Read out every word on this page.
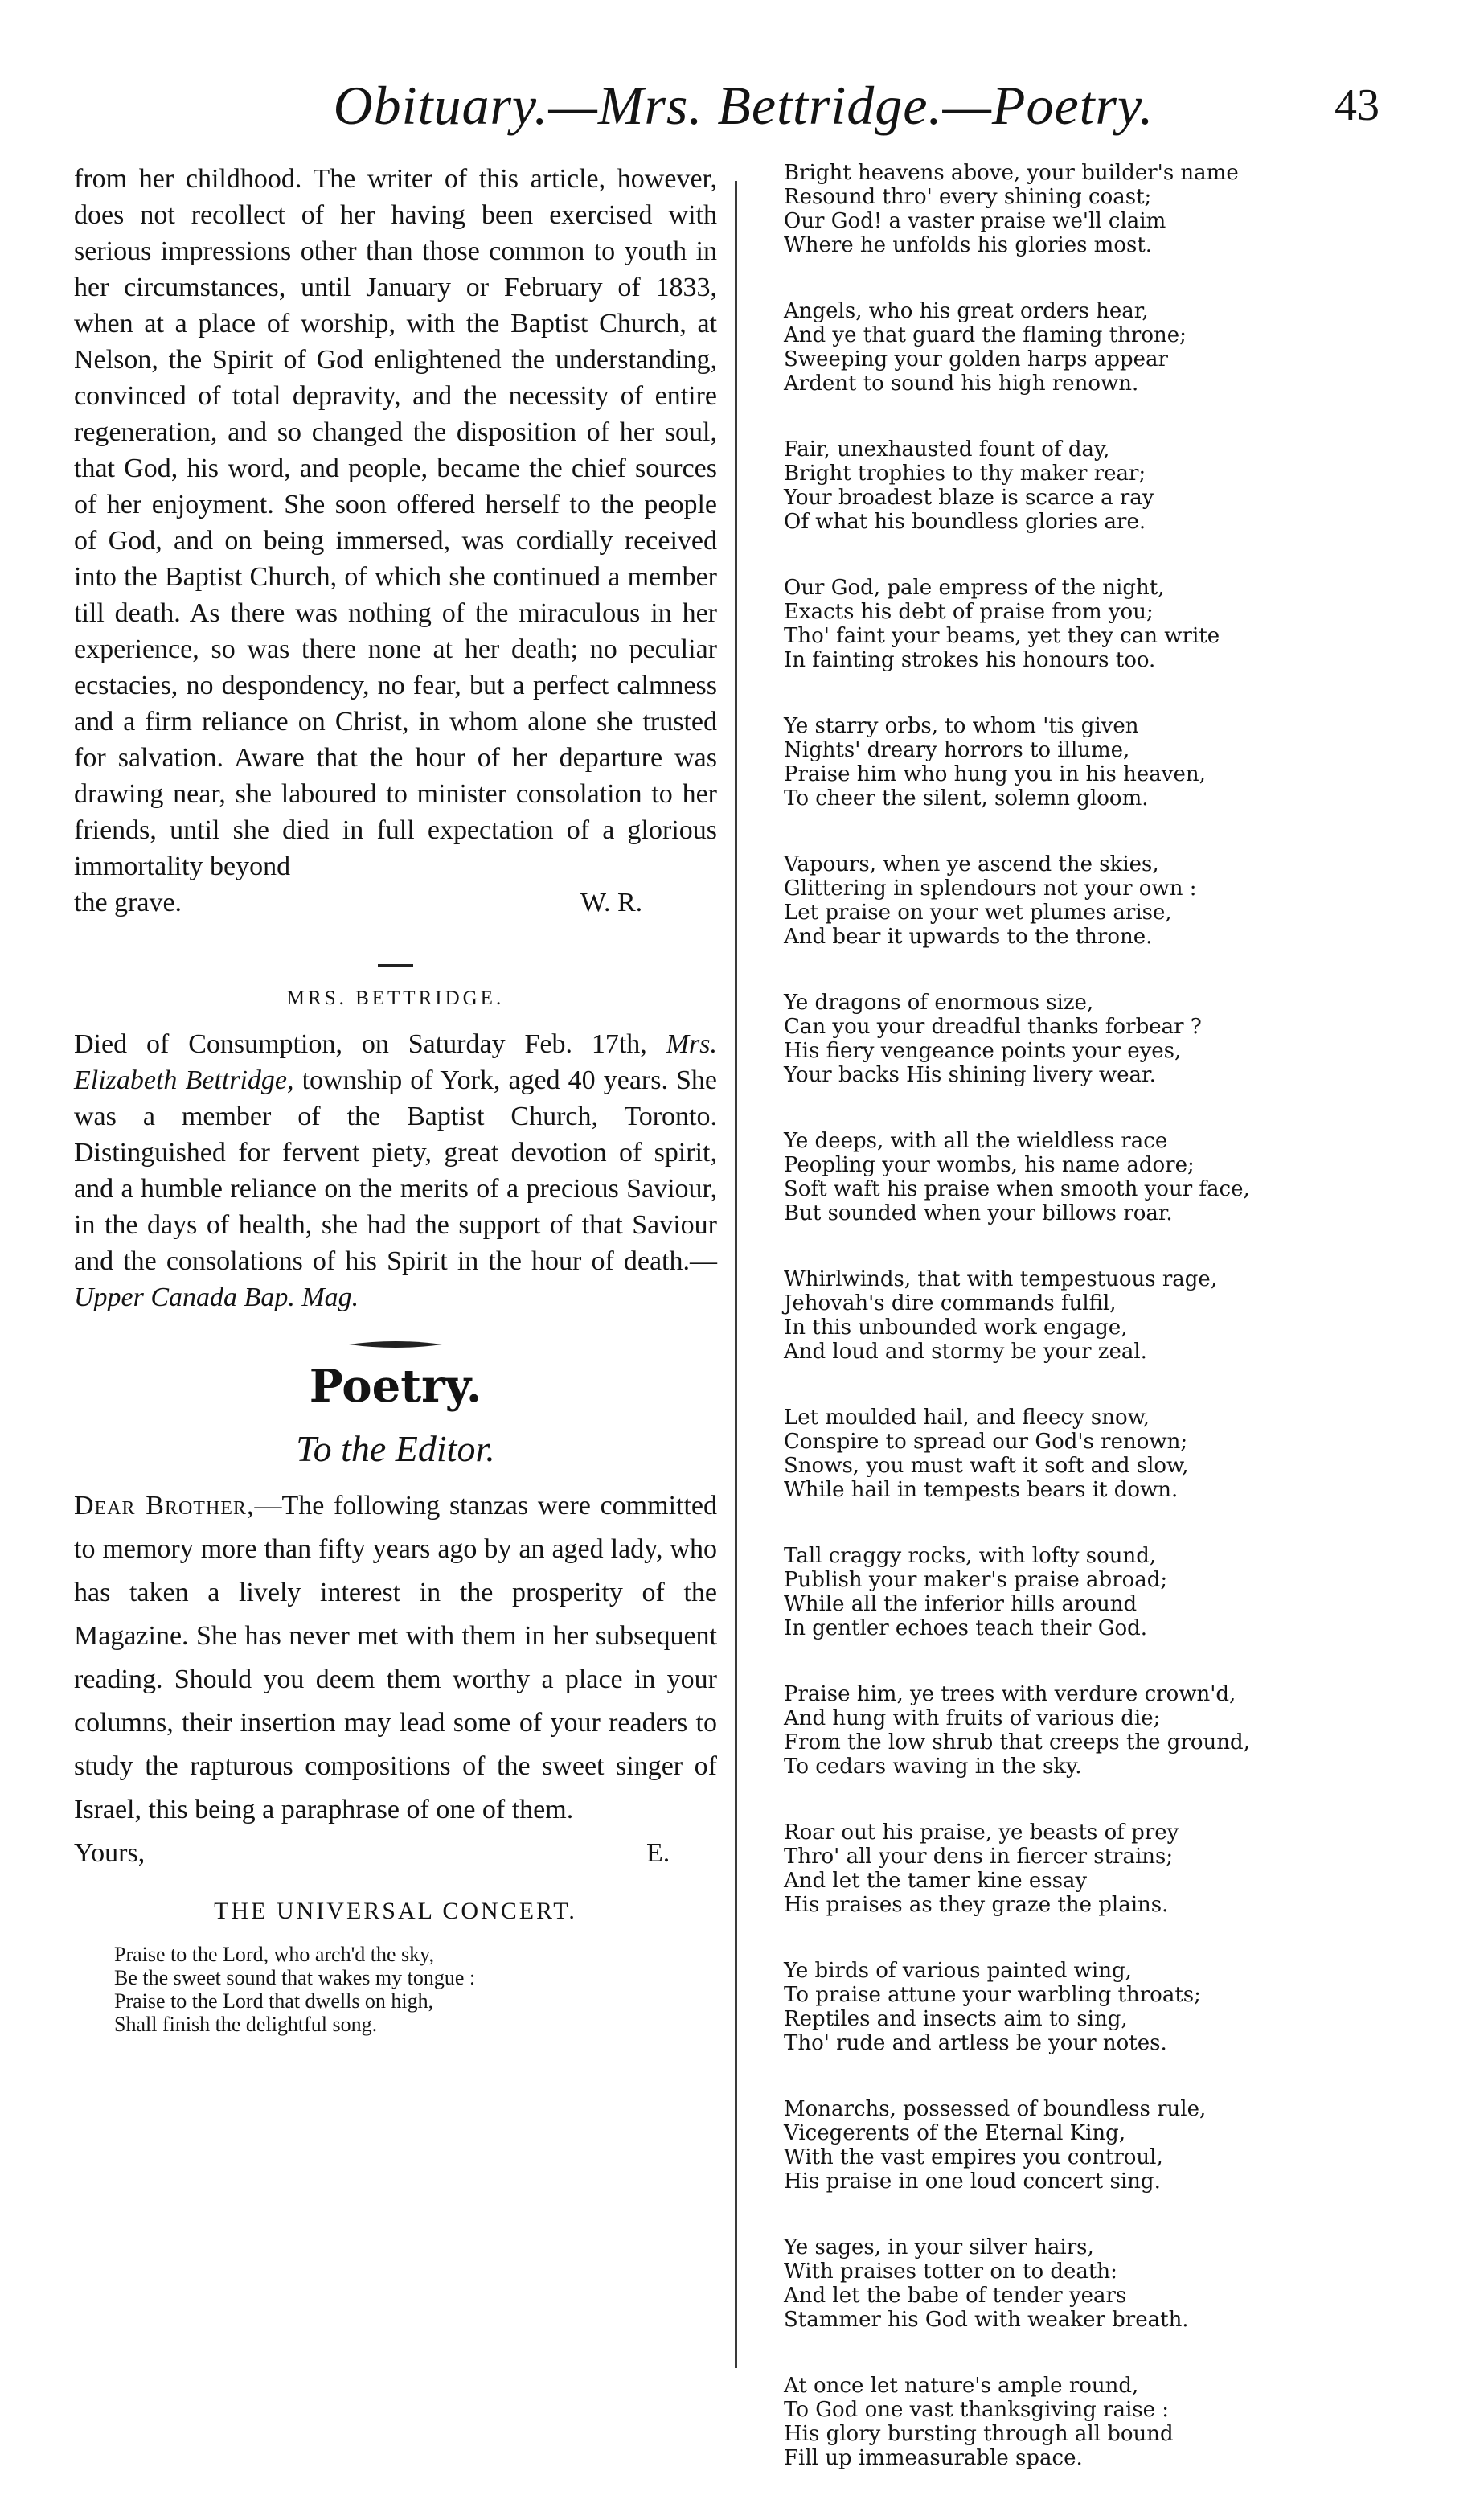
Obituary.—Mrs. Bettridge.—Poetry.	43

from her childhood. The writer of this article, however, does not recollect of her having been exercised with serious impressions other than those common to youth in her circumstances, until January or February of 1833, when at a place of worship, with the Baptist Church, at Nelson, the Spirit of God enlightened the understanding, convinced of total depravity, and the necessity of entire regeneration, and so changed the disposition of her soul, that God, his word, and people, became the chief sources of her enjoyment. She soon offered herself to the people of God, and on being immersed, was cordially received into the Baptist Church, of which she continued a member till death. As there was nothing of the miraculous in her experience, so was there none at her death; no peculiar ecstacies, no despondency, no fear, but a perfect calmness and a firm reliance on Christ, in whom alone she trusted for salvation. Aware that the hour of her departure was drawing near, she laboured to minister consolation to her friends, until she died in full expectation of a glorious immortality beyond

the grave.	W. R.
MRS. BETTRIDGE.

Died of Consumption, on Saturday Feb. 17th, Mrs. Elizabeth Bettridge, township of York, aged 40 years. She was a member of the Baptist Church, Toronto. Distinguished for fervent piety, great devotion of spirit, and a humble reliance on the merits of a precious Saviour, in the days of health, she had the support of that Saviour and the consolations of his Spirit in the hour of death.— Upper Canada Bap. Mag.

Poetry.
To the Editor.

Dear Brother,—The following stanzas were committed to memory more than fifty years ago by an aged lady, who has taken a lively interest in the prosperity of the Magazine. She has never met with them in her subsequent reading. Should you deem them worthy a place in your columns, their insertion may lead some of your readers to study the rapturous compositions of the sweet singer of Israel, this being a paraphrase of one of them.

Yours,	E.
THE UNIVERSAL CONCERT.
Praise to the Lord, who arch'd the sky,
Be the sweet sound that wakes my tongue :
Praise to the Lord that dwells on high,
Shall finish the delightful song.
Bright heavens above, your builder's name
Resound thro' every shining coast;
Our God! a vaster praise we'll claim
Where he unfolds his glories most.
Angels, who his great orders hear,
And ye that guard the flaming throne;
Sweeping your golden harps appear
Ardent to sound his high renown.
Fair, unexhausted fount of day,
Bright trophies to thy maker rear;
Your broadest blaze is scarce a ray
Of what his boundless glories are.
Our God, pale empress of the night,
Exacts his debt of praise from you;
Tho' faint your beams, yet they can write
In fainting strokes his honours too.
Ye starry orbs, to whom 'tis given
Nights' dreary horrors to illume,
Praise him who hung you in his heaven,
To cheer the silent, solemn gloom.
Vapours, when ye ascend the skies,
Glittering in splendours not your own :
Let praise on your wet plumes arise,
And bear it upwards to the throne.
Ye dragons of enormous size,
Can you your dreadful thanks forbear ?
His fiery vengeance points your eyes,
Your backs His shining livery wear.
Ye deeps, with all the wieldless race
Peopling your wombs, his name adore;
Soft waft his praise when smooth your face,
But sounded when your billows roar.
Whirlwinds, that with tempestuous rage,
Jehovah's dire commands fulfil,
In this unbounded work engage,
And loud and stormy be your zeal.
Let moulded hail, and fleecy snow,
Conspire to spread our God's renown;
Snows, you must waft it soft and slow,
While hail in tempests bears it down.
Tall craggy rocks, with lofty sound,
Publish your maker's praise abroad;
While all the inferior hills around
In gentler echoes teach their God.
Praise him, ye trees with verdure crown'd,
And hung with fruits of various die;
From the low shrub that creeps the ground,
To cedars waving in the sky.
Roar out his praise, ye beasts of prey
Thro' all your dens in fiercer strains;
And let the tamer kine essay
His praises as they graze the plains.
Ye birds of various painted wing,
To praise attune your warbling throats;
Reptiles and insects aim to sing,
Tho' rude and artless be your notes.
Monarchs, possessed of boundless rule,
Vicegerents of the Eternal King,
With the vast empires you controul,
His praise in one loud concert sing.
Ye sages, in your silver hairs,
With praises totter on to death:
And let the babe of tender years
Stammer his God with weaker breath.
At once let nature's ample round,
To God one vast thanksgiving raise :
His glory bursting through all bound
Fill up immeasurable space.
